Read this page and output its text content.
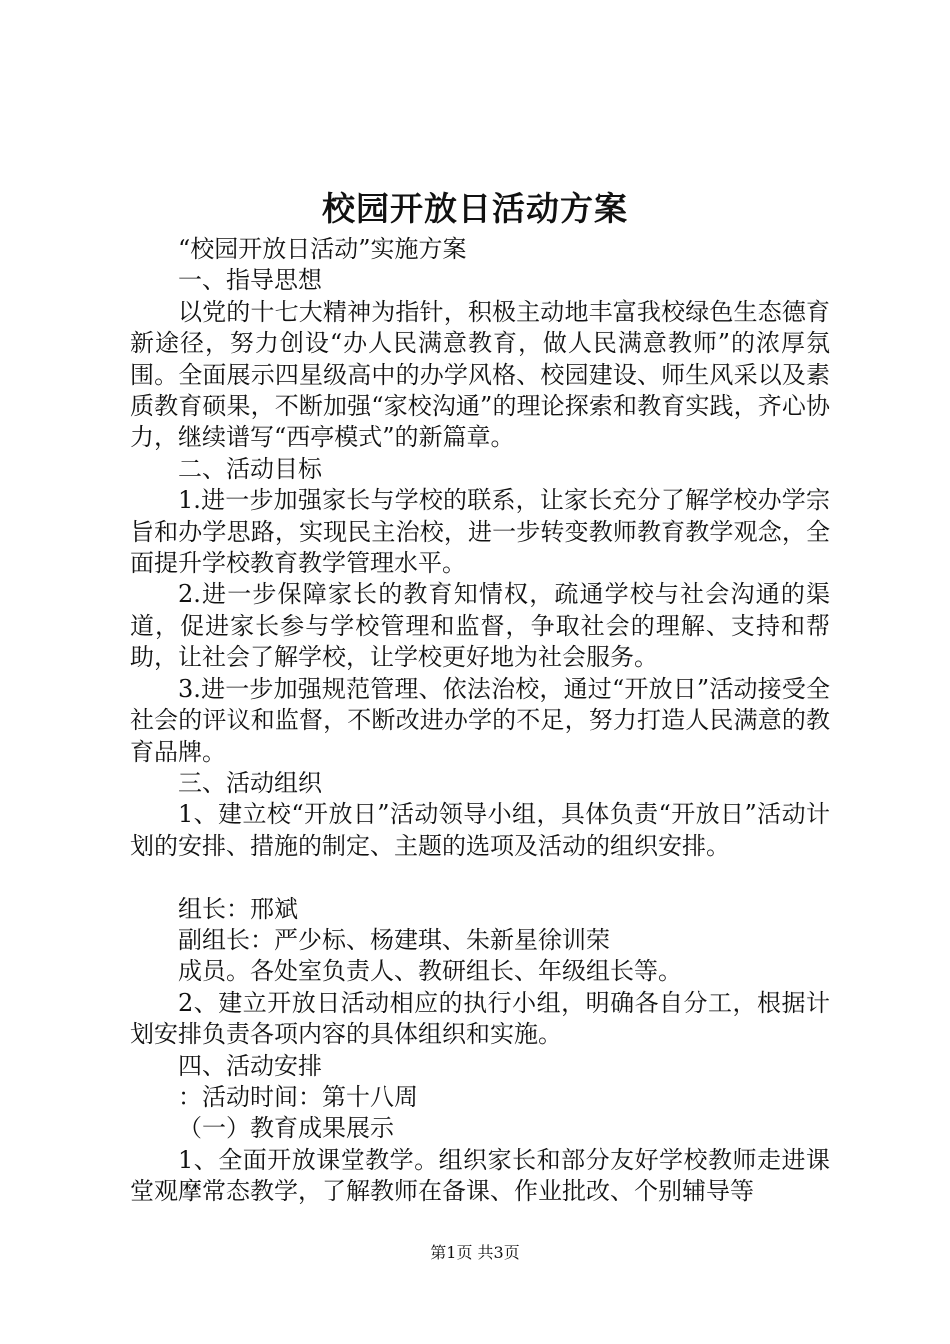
校园开放日活动方案

“校园开放日活动”实施方案

一、指导思想

以党的十七大精神为指针，积极主动地丰富我校绿色生态德育新途径，努力创设“办人民满意教育，做人民满意教师”的浓厚氛围。全面展示四星级高中的办学风格、校园建设、师生风采以及素质教育硕果，不断加强“家校沟通”的理论探索和教育实践，齐心协力，继续谱写“西亭模式”的新篇章。

二、活动目标

1.进一步加强家长与学校的联系，让家长充分了解学校办学宗旨和办学思路，实现民主治校，进一步转变教师教育教学观念，全面提升学校教育教学管理水平。

2.进一步保障家长的教育知情权，疏通学校与社会沟通的渠道，促进家长参与学校管理和监督，争取社会的理解、支持和帮助，让社会了解学校，让学校更好地为社会服务。

3.进一步加强规范管理、依法治校，通过“开放日”活动接受全社会的评议和监督，不断改进办学的不足，努力打造人民满意的教育品牌。

三、活动组织

1、建立校“开放日”活动领导小组，具体负责“开放日”活动计划的安排、措施的制定、主题的选项及活动的组织安排。

组长：邢斌

副组长：严少标、杨建琪、朱新星徐训荣

成员。各处室负责人、教研组长、年级组长等。

2、建立开放日活动相应的执行小组，明确各自分工，根据计划安排负责各项内容的具体组织和实施。

四、活动安排

：活动时间：第十八周

（一）教育成果展示

1、全面开放课堂教学。组织家长和部分友好学校教师走进课堂观摩常态教学，了解教师在备课、作业批改、个别辅导等

第1页 共3页
